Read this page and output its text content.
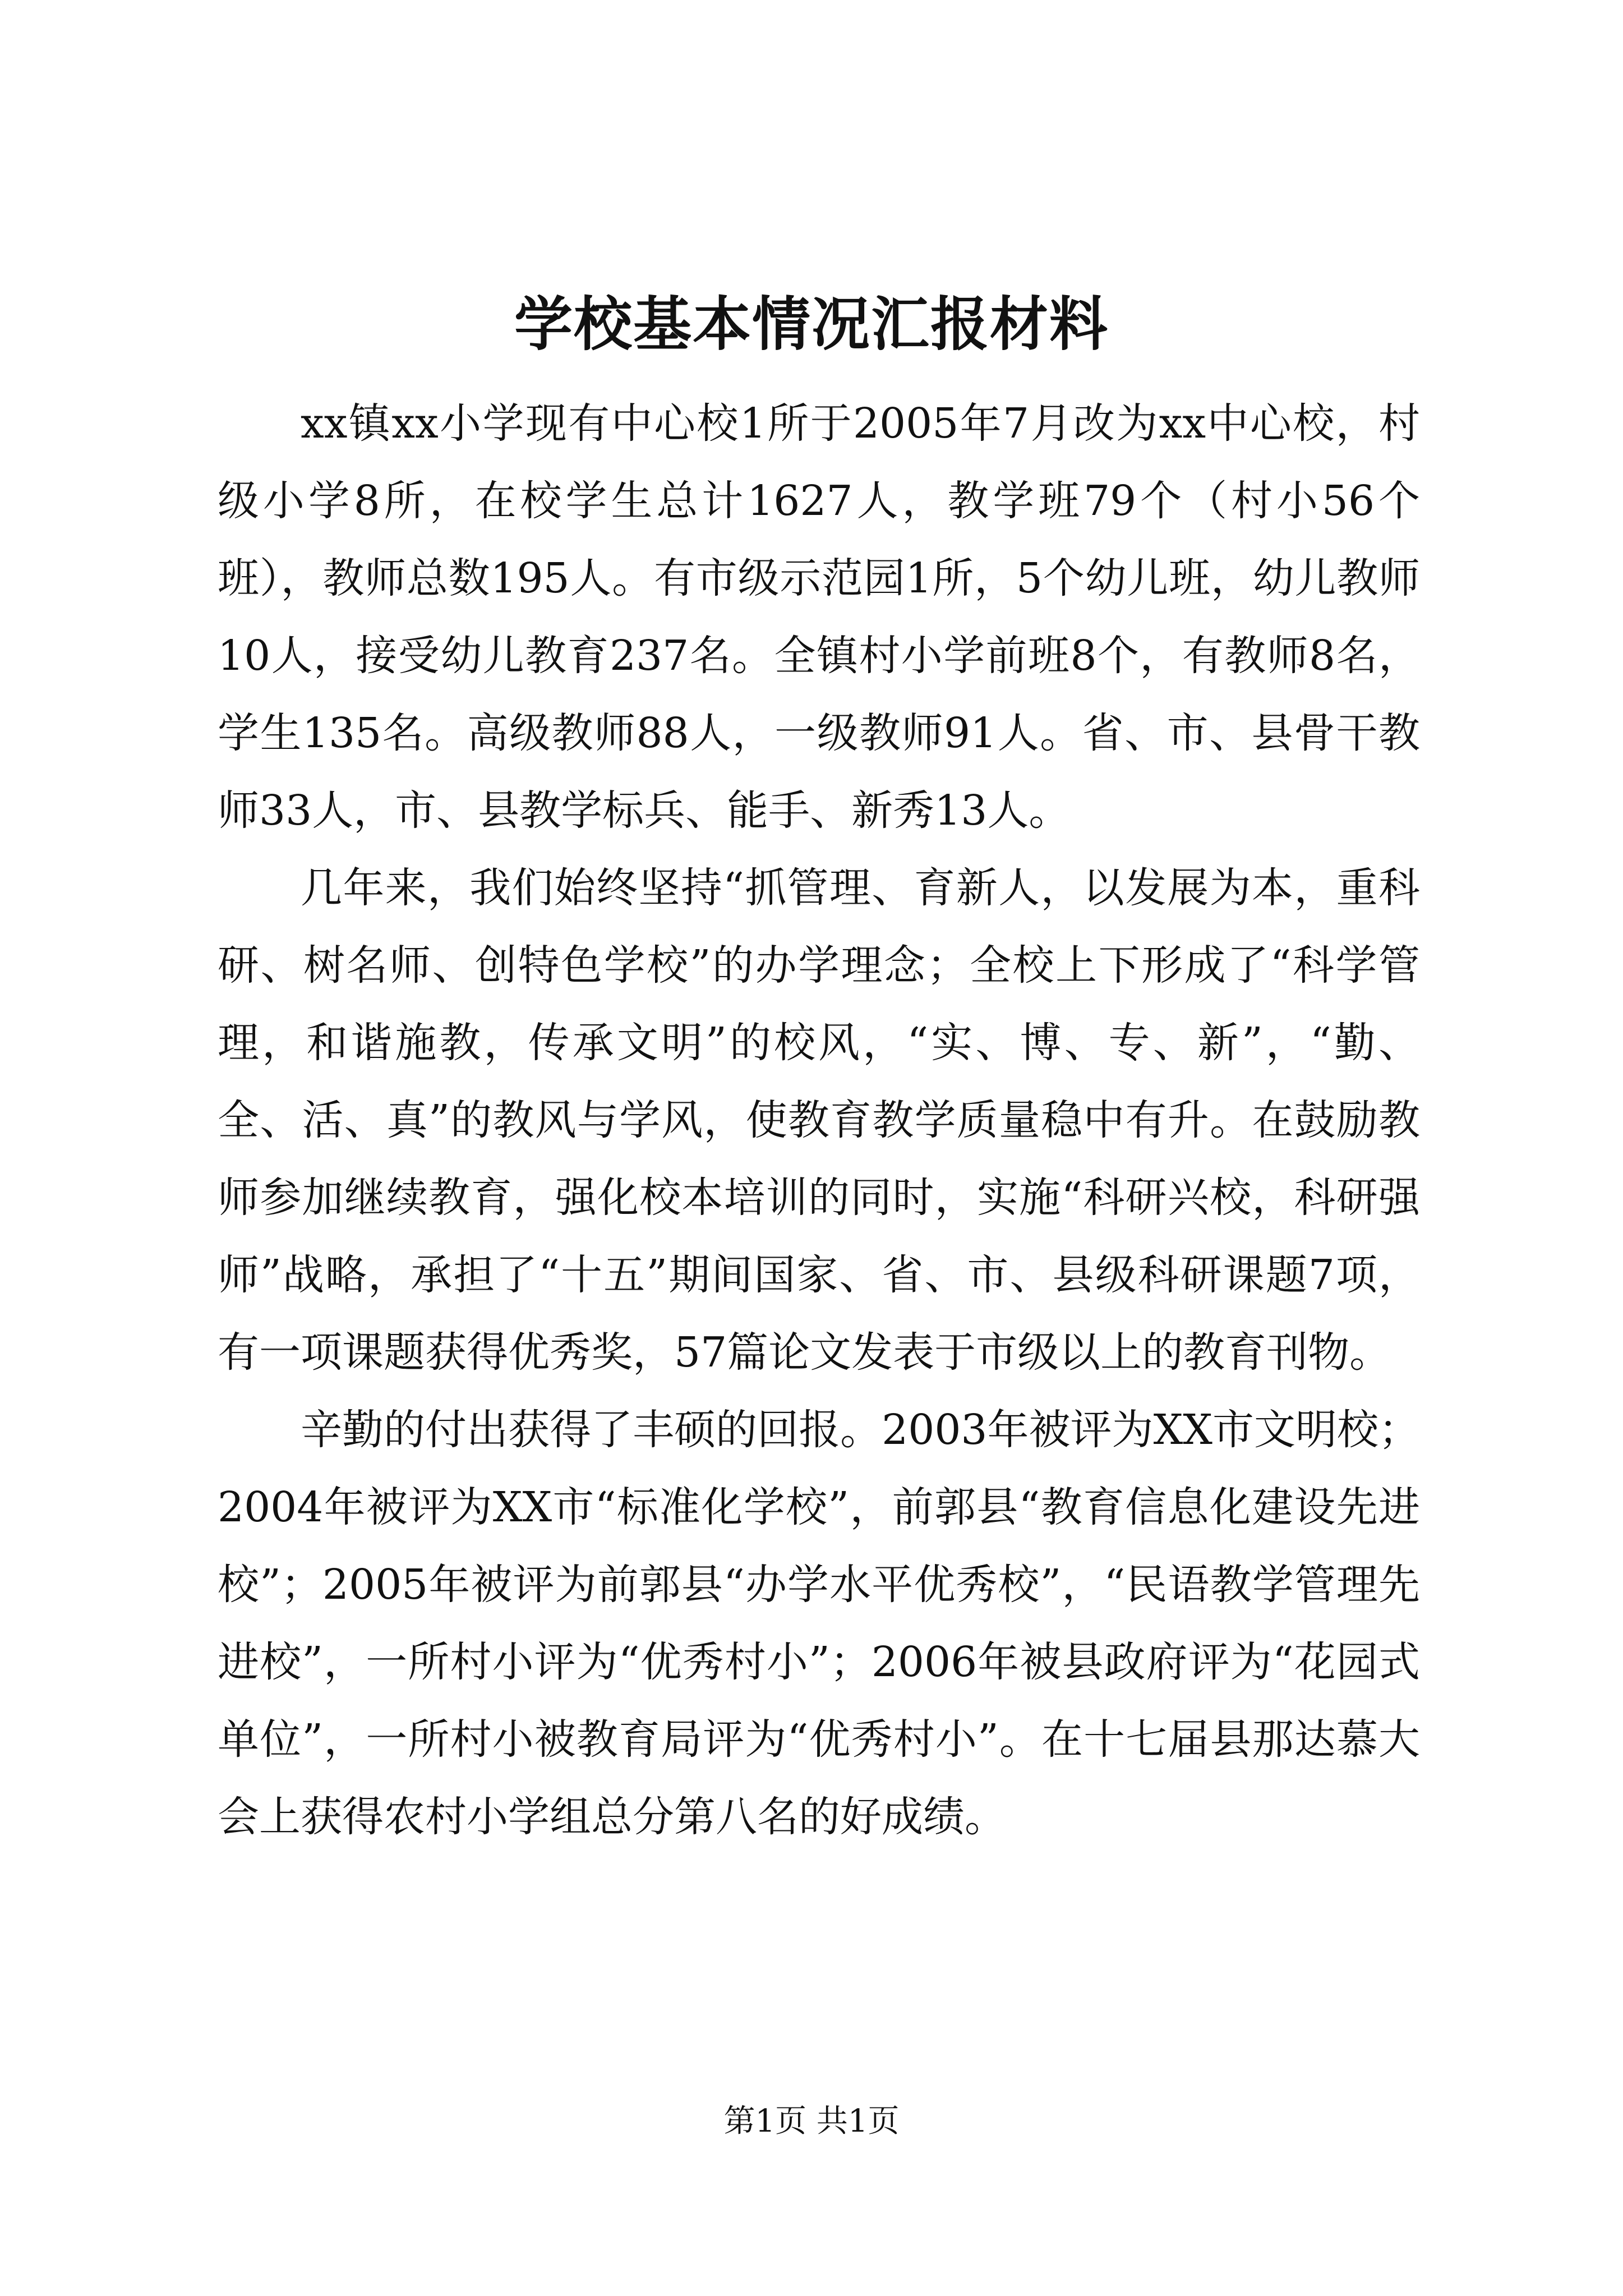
学校基本情况汇报材料

xx镇xx小学现有中心校1所于2005年7月改为xx中心校，村级小学8所，在校学生总计1627人，教学班79个（村小56个班），教师总数195人。有市级示范园1所，5个幼儿班，幼儿教师10人，接受幼儿教育237名。全镇村小学前班8个，有教师8名，学生135名。高级教师88人，一级教师91人。省、市、县骨干教师33人，市、县教学标兵、能手、新秀13人。

几年来，我们始终坚持“抓管理、育新人，以发展为本，重科研、树名师、创特色学校”的办学理念；全校上下形成了“科学管理，和谐施教，传承文明”的校风，“实、博、专、新”，“勤、全、活、真”的教风与学风，使教育教学质量稳中有升。在鼓励教师参加继续教育，强化校本培训的同时，实施“科研兴校，科研强师”战略，承担了“十五”期间国家、省、市、县级科研课题7项，有一项课题获得优秀奖，57篇论文发表于市级以上的教育刊物。

辛勤的付出获得了丰硕的回报。2003年被评为XX市文明校；2004年被评为XX市“标准化学校”，前郭县“教育信息化建设先进校”；2005年被评为前郭县“办学水平优秀校”，“民语教学管理先进校”，一所村小评为“优秀村小”；2006年被县政府评为“花园式单位”，一所村小被教育局评为“优秀村小”。在十七届县那达慕大会上获得农村小学组总分第八名的好成绩。

第1页 共1页
